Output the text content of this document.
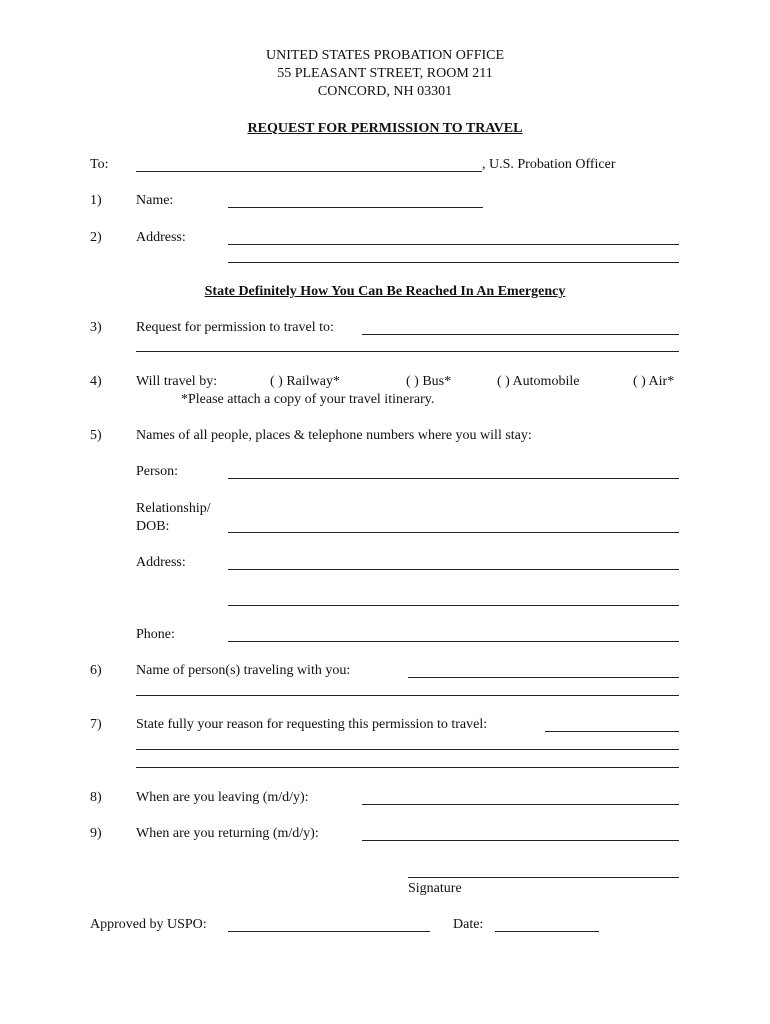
UNITED STATES PROBATION OFFICE
55 PLEASANT STREET, ROOM 211
CONCORD, NH 03301
REQUEST FOR PERMISSION TO TRAVEL
To:	, U.S. Probation Officer
1) Name:
2) Address:
State Definitely How You Can Be Reached In An Emergency
3) Request for permission to travel to:
4) Will travel by:	( ) Railway*	( ) Bus*	( ) Automobile	( ) Air*
*Please attach a copy of your travel itinerary.
5) Names of all people, places & telephone numbers where you will stay:
Person:
Relationship/
DOB:
Address:
Phone:
6) Name of person(s) traveling with you:
7) State fully your reason for requesting this permission to travel:
8) When are you leaving (m/d/y):
9) When are you returning (m/d/y):
Signature
Approved by USPO:	Date:
